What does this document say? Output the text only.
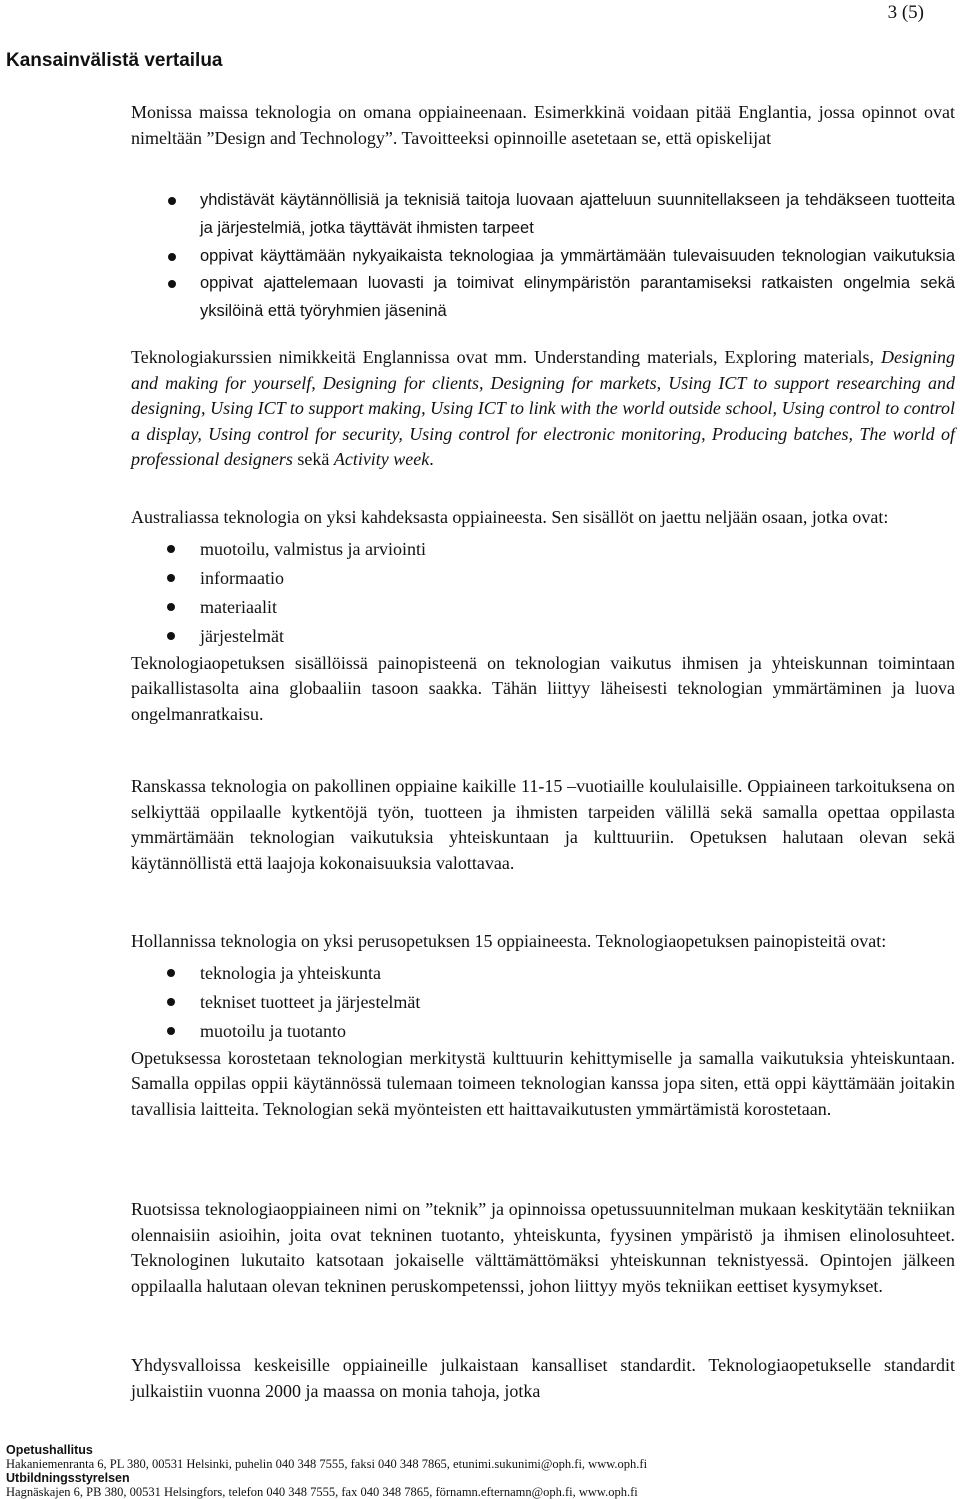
3 (5)
Kansainvälistä vertailua

Monissa maissa teknologia on omana oppiaineenaan. Esimerkkinä voidaan pitää Englantia, jossa opinnot ovat nimeltään ”Design and Technology”. Tavoitteeksi opinnoille asetetaan se, että opiskelijat

yhdistävät käytännöllisiä ja teknisiä taitoja luovaan ajatteluun suunnitellakseen ja tehdäkseen tuotteita ja järjestelmiä, jotka täyttävät ihmisten tarpeet
oppivat käyttämään nykyaikaista teknologiaa ja ymmärtämään tulevaisuuden teknologian vaikutuksia
oppivat ajattelemaan luovasti ja toimivat elinympäristön parantamiseksi ratkaisten ongelmia sekä yksilöinä että työryhmien jäseninä

Teknologiakurssien nimikkeitä Englannissa ovat mm. Understanding materials, Exploring materials, Designing and making for yourself, Designing for clients, Designing for markets, Using ICT to support researching and designing, Using ICT to support making, Using ICT to link with the world outside school, Using control to control a display, Using control for security, Using control for electronic monitoring, Producing batches, The world of professional designers sekä Activity week.

Australiassa teknologia on yksi kahdeksasta oppiaineesta. Sen sisällöt on jaettu neljään osaan, jotka ovat:

muotoilu, valmistus ja arviointi
informaatio
materiaalit
järjestelmät

Teknologiaopetuksen sisällöissä painopisteenä on teknologian vaikutus ihmisen ja yhteiskunnan toimintaan paikallistasolta aina globaaliin tasoon saakka. Tähän liittyy läheisesti teknologian ymmärtäminen ja luova ongelmanratkaisu.

Ranskassa teknologia on pakollinen oppiaine kaikille 11-15 –vuotiaille koululaisille. Oppiaineen tarkoituksena on selkiyttää oppilaalle kytkentöjä työn, tuotteen ja ihmisten tarpeiden välillä sekä samalla opettaa oppilasta ymmärtämään teknologian vaikutuksia yhteiskuntaan ja kulttuuriin. Opetuksen halutaan olevan sekä käytännöllistä että laajoja kokonaisuuksia valottavaa.

Hollannissa teknologia on yksi perusopetuksen 15 oppiaineesta. Teknologiaopetuksen painopisteitä ovat:

teknologia ja yhteiskunta
tekniset tuotteet ja järjestelmät
muotoilu ja tuotanto

Opetuksessa korostetaan teknologian merkitystä kulttuurin kehittymiselle ja samalla vaikutuksia yhteiskuntaan. Samalla oppilas oppii käytännössä tulemaan toimeen teknologian kanssa jopa siten, että oppi käyttämään joitakin tavallisia laitteita. Teknologian sekä myönteisten ett haittavaikutusten ymmärtämistä korostetaan.

Ruotsissa teknologiaoppiaineen nimi on ”teknik” ja opinnoissa opetussuunnitelman mukaan keskitytään tekniikan olennaisiin asioihin, joita ovat tekninen tuotanto, yhteiskunta, fyysinen ympäristö ja ihmisen elinolosuhteet. Teknologinen lukutaito katsotaan jokaiselle välttämättömäksi yhteiskunnan teknistyessä. Opintojen jälkeen oppilaalla halutaan olevan tekninen peruskompetenssi, johon liittyy myös tekniikan eettiset kysymykset.

Yhdysvalloissa keskeisille oppiaineille julkaistaan kansalliset standardit. Teknologiaopetukselle standardit julkaistiin vuonna 2000 ja maassa on monia tahoja, jotka

Opetushallitus
Hakaniemenranta 6, PL 380, 00531 Helsinki, puhelin 040 348 7555, faksi 040 348 7865, etunimi.sukunimi@oph.fi, www.oph.fi
Utbildningsstyrelsen
Hagnäskajen 6, PB 380, 00531 Helsingfors, telefon 040 348 7555, fax 040 348 7865, förnamn.efternamn@oph.fi, www.oph.fi
